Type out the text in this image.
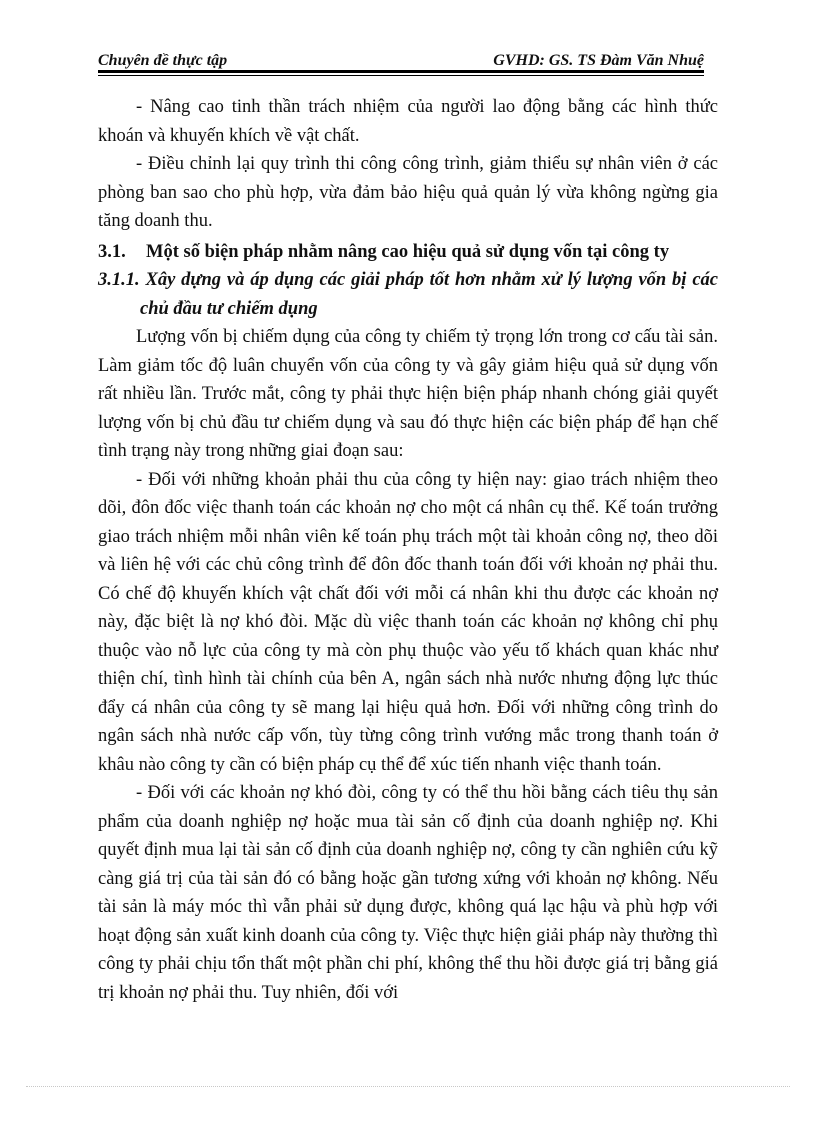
Chuyên đề thực tập	GVHD: GS. TS Đàm Văn Nhuệ

- Nâng cao tinh thần trách nhiệm của người lao động bằng các hình thức khoán và khuyến khích về vật chất.

- Điều chỉnh lại quy trình thi công công trình, giảm thiểu sự nhân viên ở các phòng ban sao cho phù hợp, vừa đảm bảo hiệu quả quản lý vừa không ngừng gia tăng doanh thu.

3.1.	Một số biện pháp nhằm nâng cao hiệu quả sử dụng vốn tại công ty

3.1.1. Xây dựng và áp dụng các giải pháp tốt hơn nhằm xử lý lượng vốn bị các chủ đầu tư chiếm dụng

Lượng vốn bị chiếm dụng của công ty chiếm tỷ trọng lớn trong cơ cấu tài sản. Làm giảm tốc độ luân chuyển vốn của công ty và gây giảm hiệu quả sử dụng vốn rất nhiều lần. Trước mắt, công ty phải thực hiện biện pháp nhanh chóng giải quyết lượng vốn bị chủ đầu tư chiếm dụng và sau đó thực hiện các biện pháp để hạn chế tình trạng này trong những giai đoạn sau:

- Đối với những khoản phải thu của công ty hiện nay: giao trách nhiệm theo dõi, đôn đốc việc thanh toán các khoản nợ cho một cá nhân cụ thể. Kế toán trưởng giao trách nhiệm mỗi nhân viên kế toán phụ trách một tài khoản công nợ, theo dõi và liên hệ với các chủ công trình để đôn đốc thanh toán đối với khoản nợ phải thu. Có chế độ khuyến khích vật chất đối với mỗi cá nhân khi thu được các khoản nợ này, đặc biệt là nợ khó đòi. Mặc dù việc thanh toán các khoản nợ không chỉ phụ thuộc vào nỗ lực của công ty mà còn phụ thuộc vào yếu tố khách quan khác như thiện chí, tình hình tài chính của bên A, ngân sách nhà nước nhưng động lực thúc đẩy cá nhân của công ty sẽ mang lại hiệu quả hơn. Đối với những công trình do ngân sách nhà nước cấp vốn, tùy từng công trình vướng mắc trong thanh toán ở khâu nào công ty cần có biện pháp cụ thể để xúc tiến nhanh việc thanh toán.

- Đối với các khoản nợ khó đòi, công ty có thể thu hồi bằng cách tiêu thụ sản phẩm của doanh nghiệp nợ hoặc mua tài sản cố định của doanh nghiệp nợ. Khi quyết định mua lại tài sản cố định của doanh nghiệp nợ, công ty cần nghiên cứu kỹ càng giá trị của tài sản đó có bằng hoặc gần tương xứng với khoản nợ không. Nếu tài sản là máy móc thì vẫn phải sử dụng được, không quá lạc hậu và phù hợp với hoạt động sản xuất kinh doanh của công ty. Việc thực hiện giải pháp này thường thì công ty phải chịu tổn thất một phần chi phí, không thể thu hồi được giá trị bằng giá trị khoản nợ phải thu. Tuy nhiên, đối với
